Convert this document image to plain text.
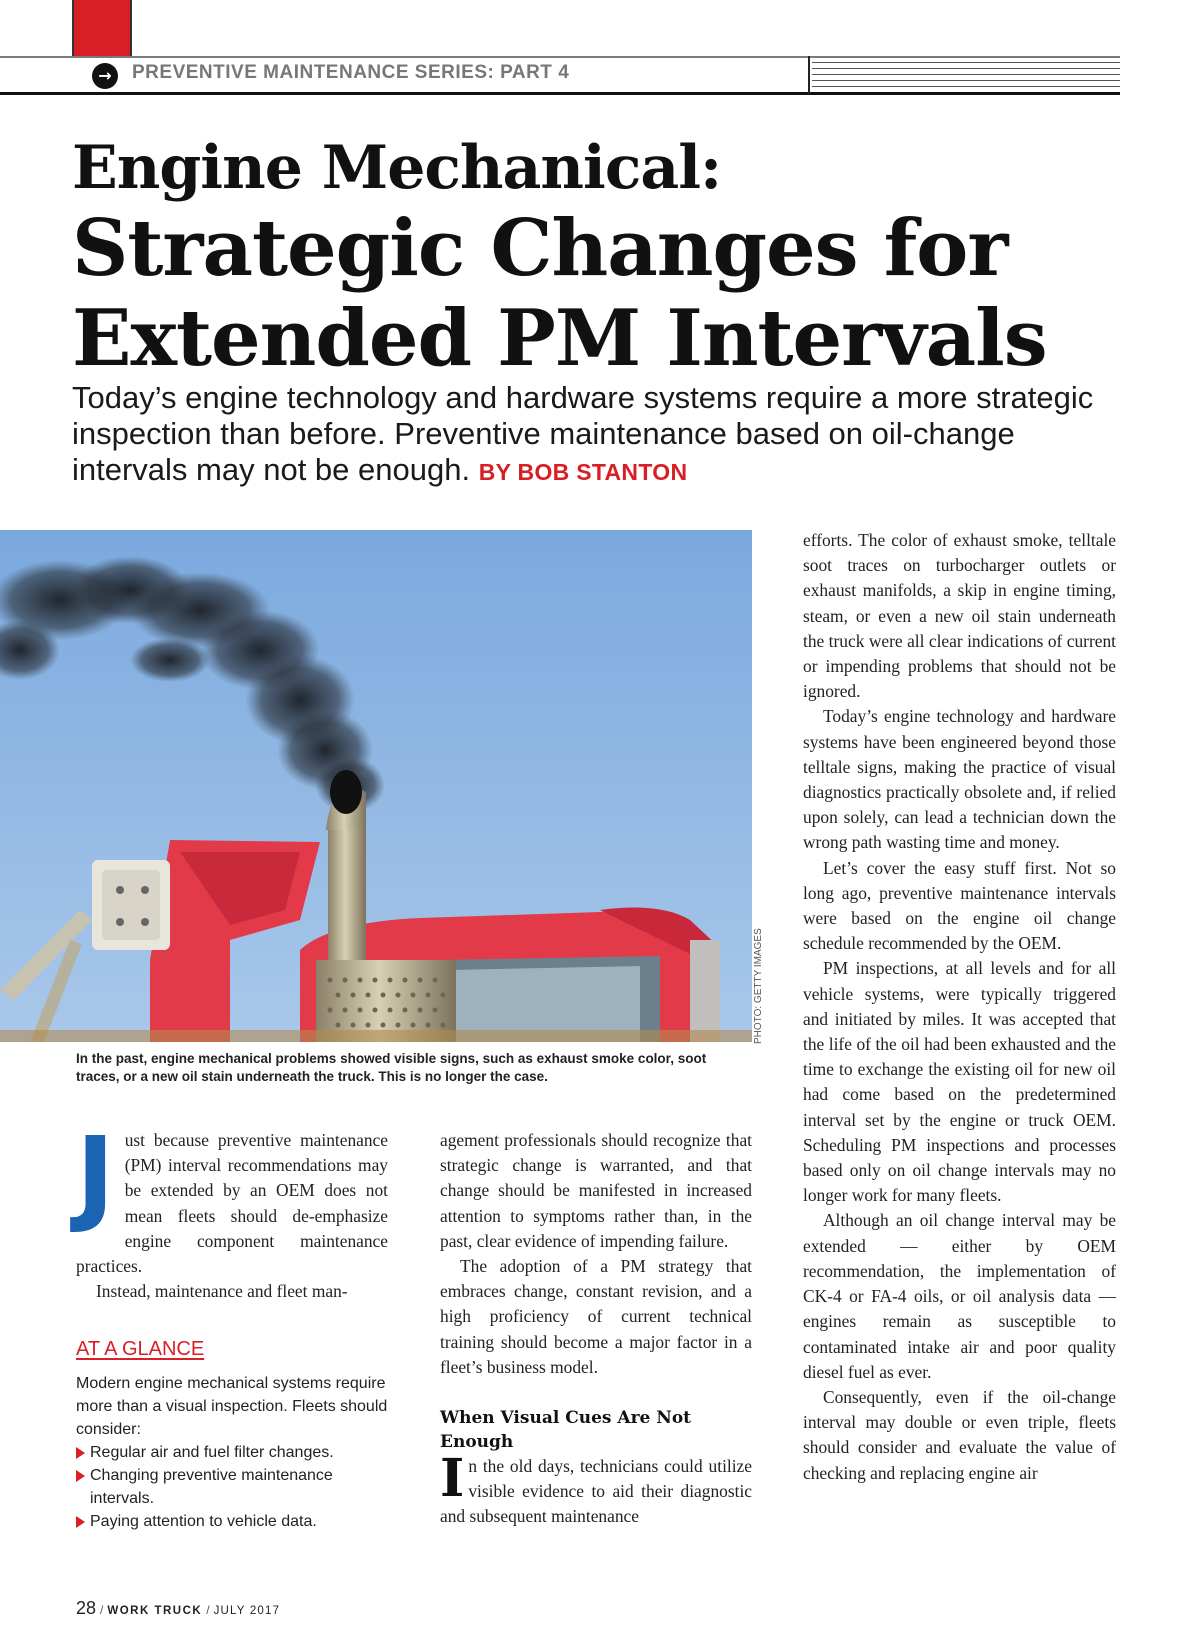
→	PREVENTIVE MAINTENANCE SERIES: PART 4
Engine Mechanical:
Strategic Changes for
Extended PM Intervals
Today’s engine technology and hardware systems require a more strategic inspection than before. Preventive maintenance based on oil-change intervals may not be enough. BY BOB STANTON
PHOTO: GETTY IMAGES
In the past, engine mechanical problems showed visible signs, such as exhaust smoke color, soot traces, or a new oil stain underneath the truck. This is no longer the case.

Just because preventive maintenance (PM) interval recommendations may be extended by an OEM does not mean fleets should de-emphasize engine component maintenance practices.

Instead, maintenance and fleet man-

AT A GLANCE
Modern engine mechanical systems require more than a visual inspection. Fleets should consider:
Regular air and fuel filter changes.
Changing preventive maintenance intervals.
Paying attention to vehicle data.

agement professionals should recognize that strategic change is warranted, and that change should be manifested in increased attention to symptoms rather than, in the past, clear evidence of impending failure.

The adoption of a PM strategy that embraces change, constant revision, and a high proficiency of current technical training should become a major factor in a fleet’s business model.

When Visual Cues Are Not Enough

In the old days, technicians could utilize visible evidence to aid their diagnostic and subsequent maintenance

efforts. The color of exhaust smoke, telltale soot traces on turbocharger outlets or exhaust manifolds, a skip in engine timing, steam, or even a new oil stain underneath the truck were all clear indications of current or impending problems that should not be ignored.

Today’s engine technology and hardware systems have been engineered beyond those telltale signs, making the practice of visual diagnostics practically obsolete and, if relied upon solely, can lead a technician down the wrong path wasting time and money.

Let’s cover the easy stuff first. Not so long ago, preventive maintenance intervals were based on the engine oil change schedule recommended by the OEM.

PM inspections, at all levels and for all vehicle systems, were typically triggered and initiated by miles. It was accepted that the life of the oil had been exhausted and the time to exchange the existing oil for new oil had come based on the predetermined interval set by the engine or truck OEM. Scheduling PM inspections and processes based only on oil change intervals may no longer work for many fleets.

Although an oil change interval may be extended — either by OEM recommendation, the implementation of CK-4 or FA-4 oils, or oil analysis data — engines remain as susceptible to contaminated intake air and poor quality diesel fuel as ever.

Consequently, even if the oil-change interval may double or even triple, fleets should consider and evaluate the value of checking and replacing engine air

28 / WORK TRUCK / JULY 2017
